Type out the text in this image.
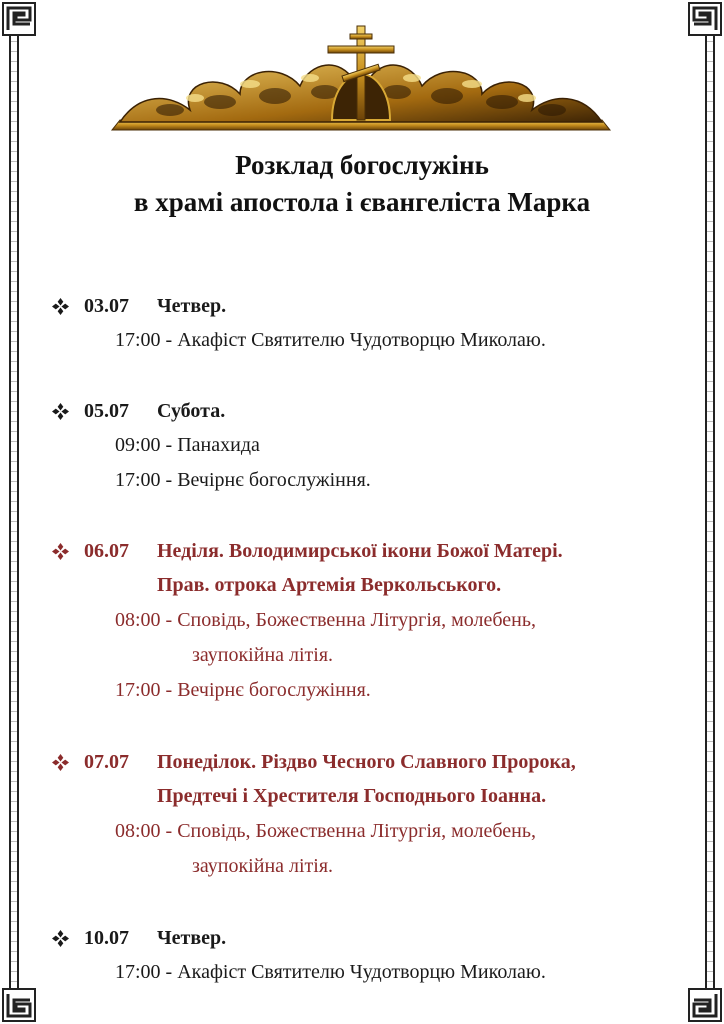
Розклад богослужінь
в храмі апостола і євангеліста Марка
03.07 Четвер.
17:00 - Акафіст Святителю Чудотворцю Миколаю.
05.07 Субота.
09:00 - Панахида
17:00 - Вечірнє богослужіння.
06.07 Неділя. Володимирської ікони Божої Матері.
Прав. отрока Артемія Веркольського.
08:00 - Сповідь, Божественна Літургія, молебень,
заупокійна літія.
17:00 - Вечірнє богослужіння.
07.07 Понеділок. Різдво Чесного Славного Пророка,
Предтечі і Хрестителя Господнього Іоанна.
08:00 - Сповідь, Божественна Літургія, молебень,
заупокійна літія.
10.07 Четвер.
17:00 - Акафіст Святителю Чудотворцю Миколаю.
